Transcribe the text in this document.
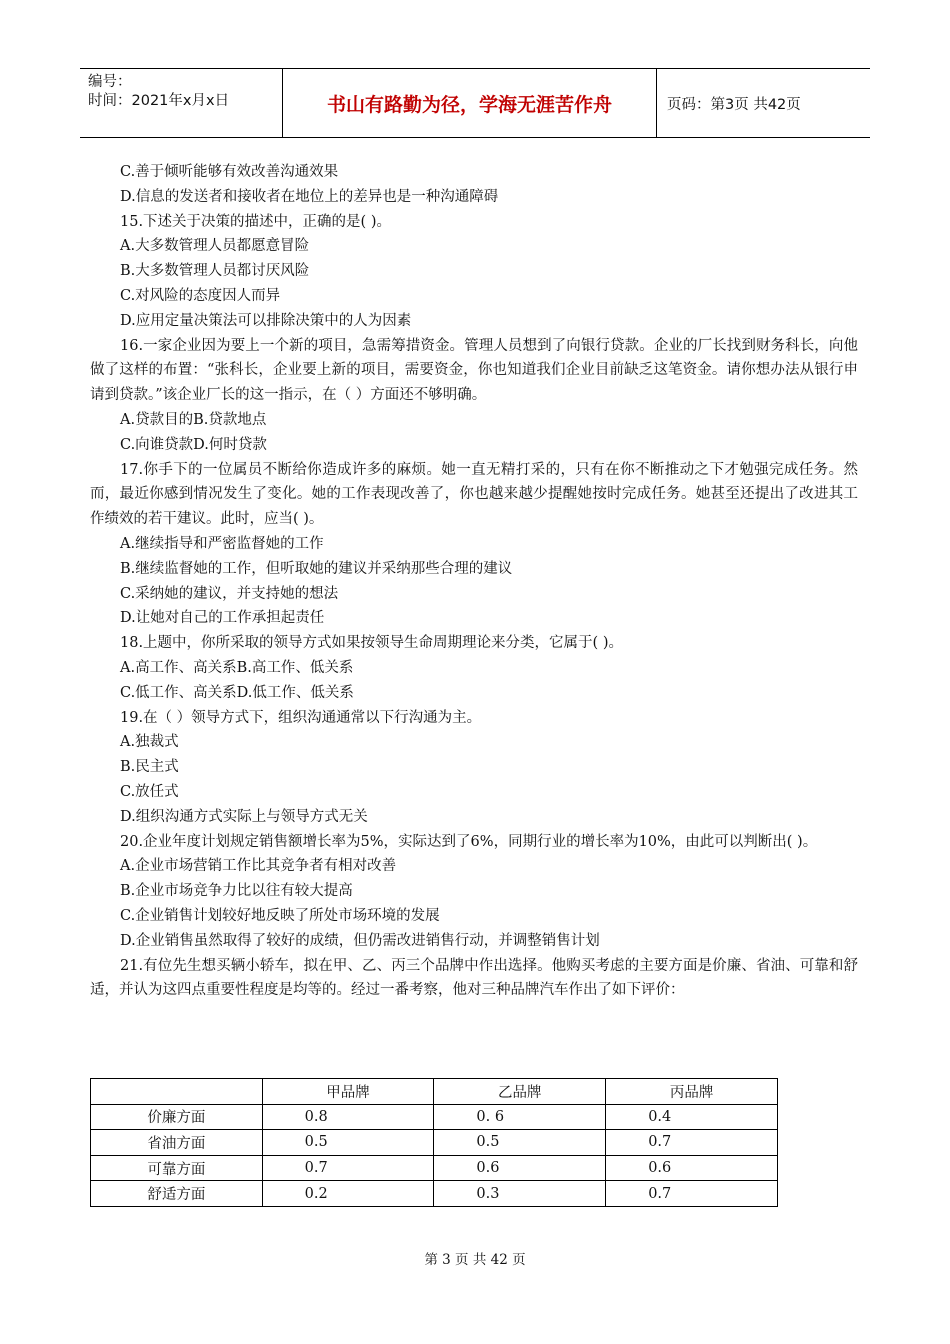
编号：
时间：2021年x月x日	书山有路勤为径，学海无涯苦作舟	页码：第3页 共42页
C.善于倾听能够有效改善沟通效果
D.信息的发送者和接收者在地位上的差异也是一种沟通障碍
15.下述关于决策的描述中，正确的是( )。
A.大多数管理人员都愿意冒险
B.大多数管理人员都讨厌风险
C.对风险的态度因人而异
D.应用定量决策法可以排除决策中的人为因素
16.一家企业因为要上一个新的项目，急需筹措资金。管理人员想到了向银行贷款。企业的厂长找到财务科长，向他做了这样的布置：“张科长，企业要上新的项目，需要资金，你也知道我们企业目前缺乏这笔资金。请你想办法从银行申请到贷款。”该企业厂长的这一指示，在（ ）方面还不够明确。
A.贷款目的B.贷款地点
C.向谁贷款D.何时贷款
17.你手下的一位属员不断给你造成许多的麻烦。她一直无精打采的，只有在你不断推动之下才勉强完成任务。然而，最近你感到情况发生了变化。她的工作表现改善了，你也越来越少提醒她按时完成任务。她甚至还提出了改进其工作绩效的若干建议。此时，应当( )。
A.继续指导和严密监督她的工作
B.继续监督她的工作，但听取她的建议并采纳那些合理的建议
C.采纳她的建议，并支持她的想法
D.让她对自己的工作承担起责任
18.上题中，你所采取的领导方式如果按领导生命周期理论来分类，它属于( )。
A.高工作、高关系B.高工作、低关系
C.低工作、高关系D.低工作、低关系
19.在（ ）领导方式下，组织沟通通常以下行沟通为主。
A.独裁式
B.民主式
C.放任式
D.组织沟通方式实际上与领导方式无关
20.企业年度计划规定销售额增长率为5%，实际达到了6%，同期行业的增长率为10%，由此可以判断出( )。
A.企业市场营销工作比其竞争者有相对改善
B.企业市场竞争力比以往有较大提高
C.企业销售计划较好地反映了所处市场环境的发展
D.企业销售虽然取得了较好的成绩，但仍需改进销售行动，并调整销售计划
21.有位先生想买辆小轿车，拟在甲、乙、丙三个品牌中作出选择。他购买考虑的主要方面是价廉、省油、可靠和舒适，并认为这四点重要性程度是均等的。经过一番考察，他对三种品牌汽车作出了如下评价：
	甲品牌	乙品牌	丙品牌
价廉方面	0.8	0. 6	0.4
省油方面	0.5	0.5	0.7
可靠方面	0.7	0.6	0.6
舒适方面	0.2	0.3	0.7
第 3 页 共 42 页
